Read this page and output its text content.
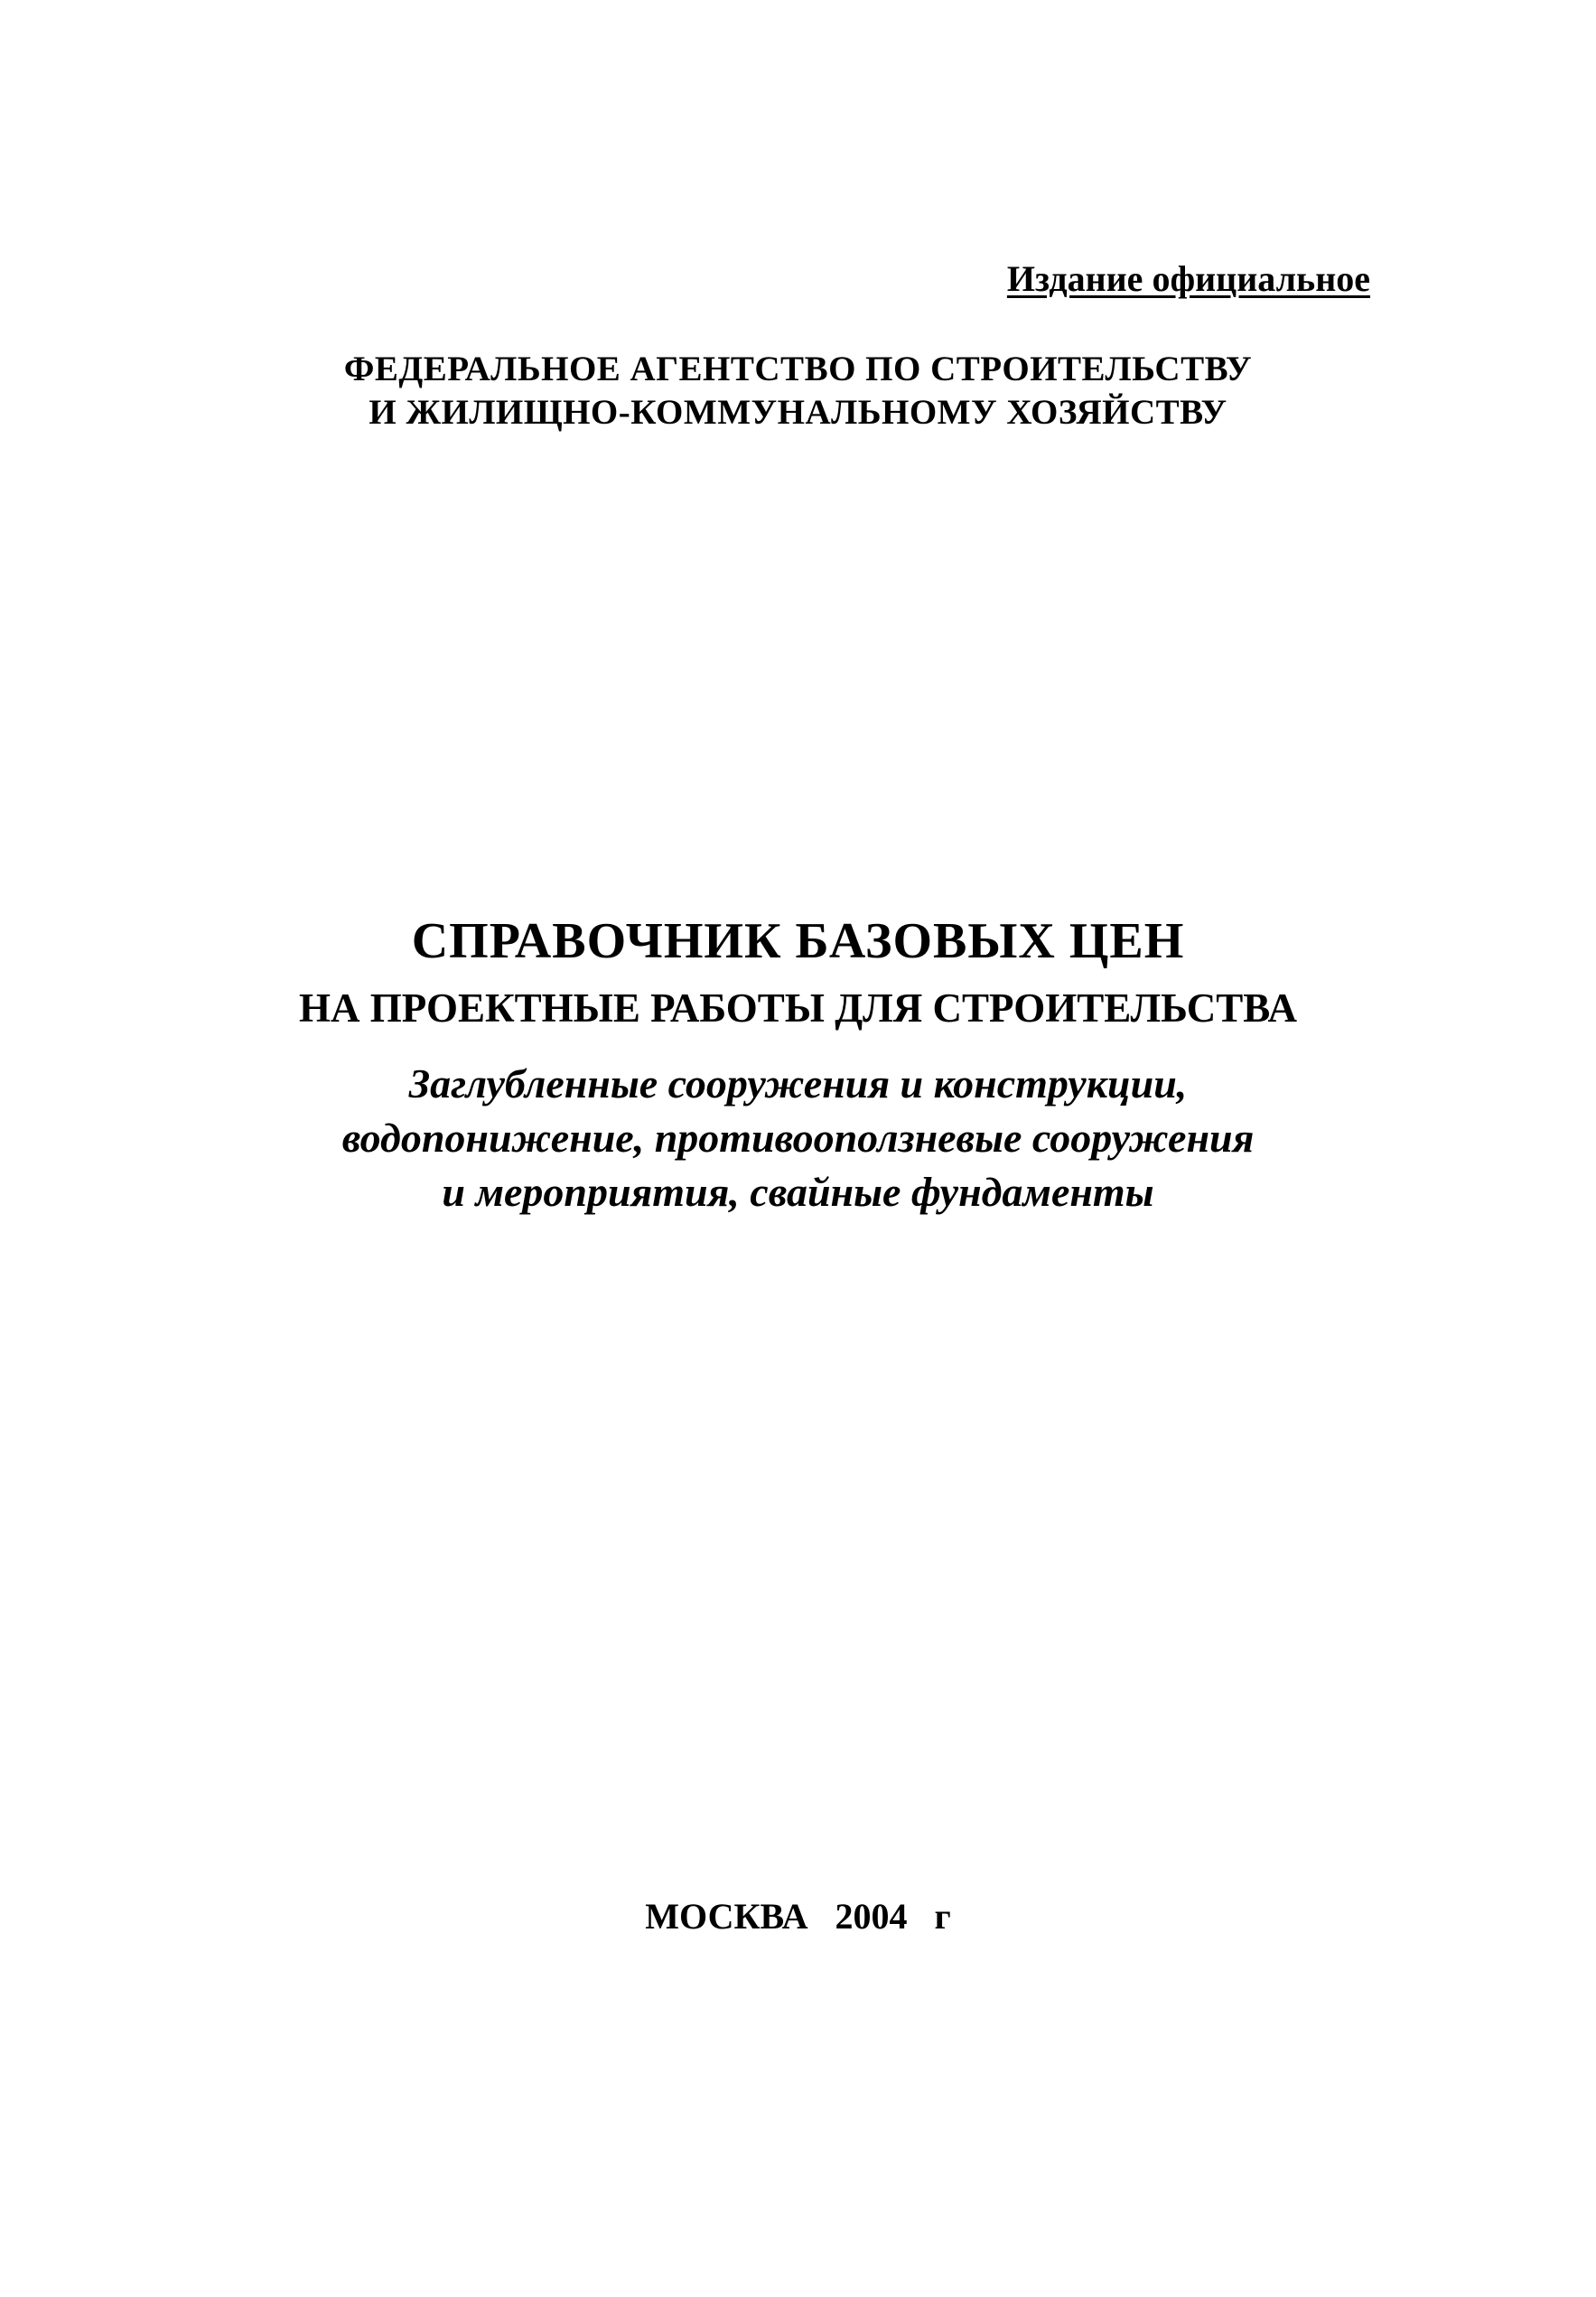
Издание официальное
ФЕДЕРАЛЬНОЕ АГЕНТСТВО ПО СТРОИТЕЛЬСТВУ
И ЖИЛИЩНО-КОММУНАЛЬНОМУ ХОЗЯЙСТВУ
СПРАВОЧНИК БАЗОВЫХ ЦЕН
НА ПРОЕКТНЫЕ РАБОТЫ ДЛЯ СТРОИТЕЛЬСТВА
Заглубленные сооружения и конструкции,
водопонижение, противооползневые сооружения
и мероприятия, свайные фундаменты
МОСКВА 2004 г
